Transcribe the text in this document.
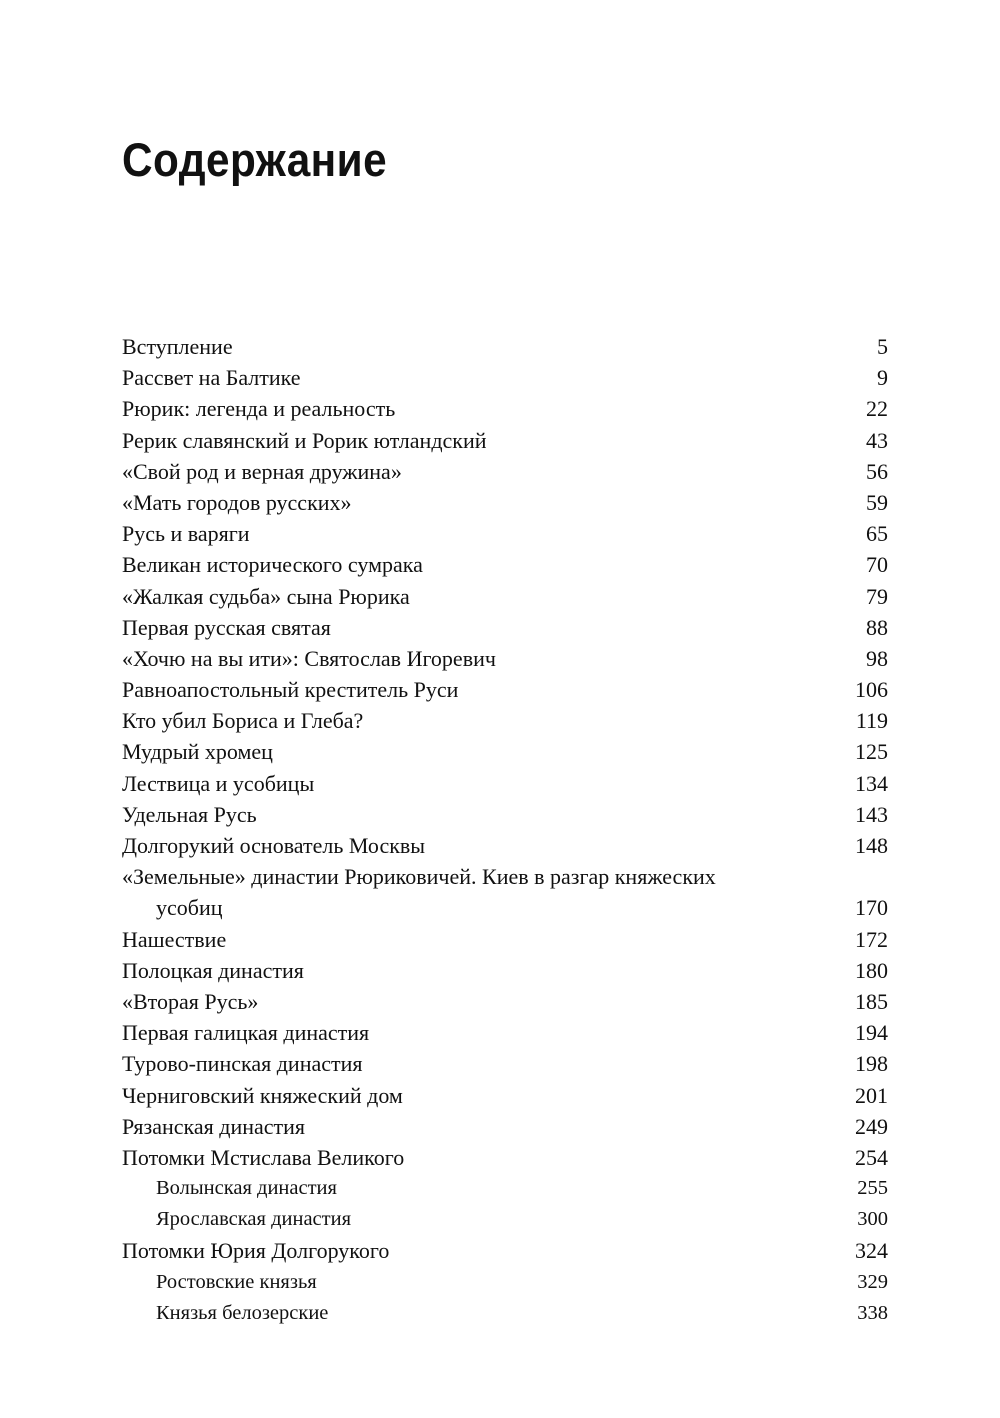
Содержание
Вступление	5
Рассвет на Балтике	9
Рюрик: легенда и реальность	22
Рерик славянский и Рорик ютландский	43
«Свой род и верная дружина»	56
«Мать городов русских»	59
Русь и варяги	65
Великан исторического сумрака	70
«Жалкая судьба» сына Рюрика	79
Первая русская святая	88
«Хочю на вы ити»: Святослав Игоревич	98
Равноапостольный креститель Руси	106
Кто убил Бориса и Глеба?	119
Мудрый хромец	125
Лествица и усобицы	134
Удельная Русь	143
Долгорукий основатель Москвы	148
«Земельные» династии Рюриковичей. Киев в разгар княжеских
усобиц	170
Нашествие	172
Полоцкая династия	180
«Вторая Русь»	185
Первая галицкая династия	194
Турово-пинская династия	198
Черниговский княжеский дом	201
Рязанская династия	249
Потомки Мстислава Великого	254
Волынская династия	255
Ярославская династия	300
Потомки Юрия Долгорукого	324
Ростовские князья	329
Князья белозерские	338
